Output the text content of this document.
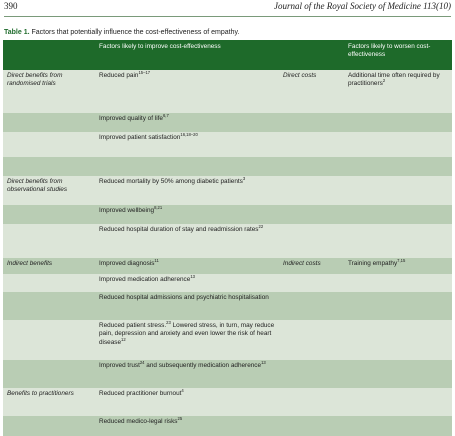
390	Journal of the Royal Society of Medicine 113(10)
Table 1. Factors that potentially influence the cost-effectiveness of empathy.
	Factors likely to improve cost-effectiveness		Factors likely to worsen cost-effectiveness
Direct benefits from randomised trials	Reduced pain$^{15-17}$	Direct costs	Additional time often required by practitioners$^2$
	Improved quality of life$^{6,7}$		
	Improved patient satisfaction$^{16,18-20}$		

Direct benefits from observational studies	Reduced mortality by 50% among diabetic patients$^3$		
	Improved wellbeing$^{8,21}$		
	Reduced hospital duration of stay and readmission rates$^{22}$		
Indirect benefits	Improved diagnosis$^{11}$	Indirect costs	Training empathy$^{7,15}$
	Improved medication adherence$^{13}$		
	Reduced hospital admissions and psychiatric hospitalisation		
	Reduced patient stress.$^{23}$ Lowered stress, in turn, may reduce pain, depression and anxiety and even lower the risk of heart disease$^{12}$		
	Improved trust$^{24}$ and subsequently medication adherence$^{13}$		
Benefits to practitioners	Reduced practitioner burnout$^4$		
	Reduced medico-legal risks$^{25}$		
